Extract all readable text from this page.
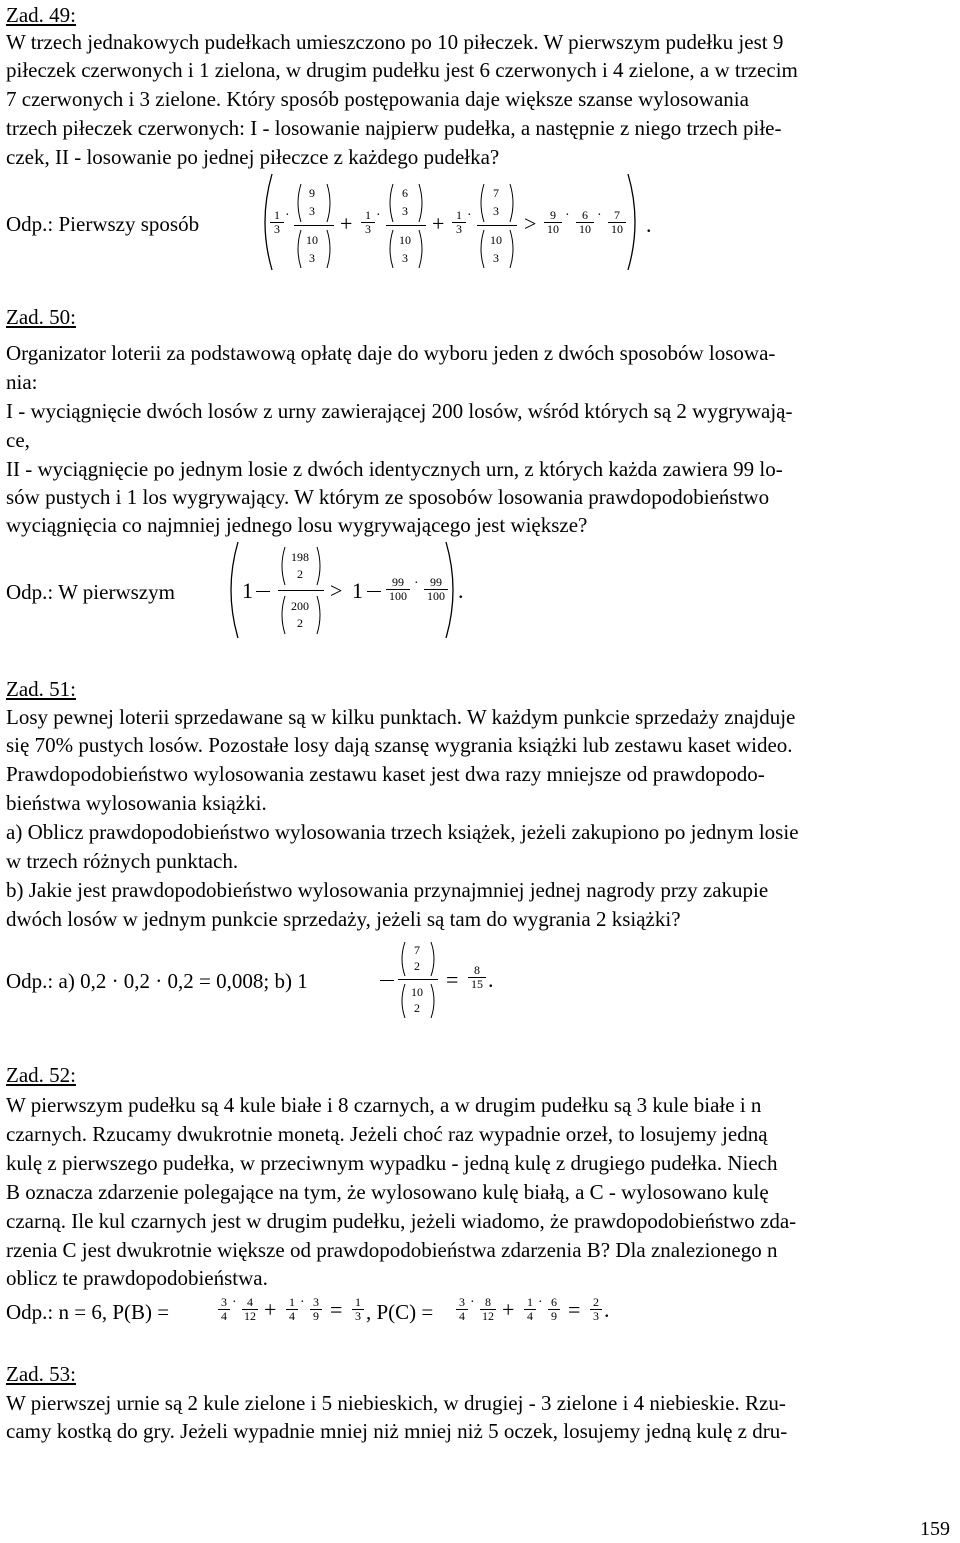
Zad. 49:
W trzech jednakowych pudełkach umieszczono po 10 piłeczek. W pierwszym pudełku jest 9
piłeczek czerwonych i 1 zielona, w drugim pudełku jest 6 czerwonych i 4 zielone, a w trzecim
7 czerwonych i 3 zielone. Który sposób postępowania daje większe szanse wylosowania
trzech piłeczek czerwonych: I - losowanie najpierw pudełka, a następnie z niego trzech piłe-
czek, II - losowanie po jednej piłeczce z każdego pudełka?
Odp.: Pierwszy sposób	$\frac{1}{3}$ ·
9
3
10
3
+ $\frac{1}{3}$ ·
6
3
10
3
+ $\frac{1}{3}$ ·
7
3
10
3
> $\frac{9}{10} \cdot \frac{6}{10} \cdot \frac{7}{10}$ .
Zad. 50:
Organizator loterii za podstawową opłatę daje do wyboru jeden z dwóch sposobów losowa-
nia:
I - wyciągnięcie dwóch losów z urny zawierającej 200 losów, wśród których są 2 wygrywają-
ce,
II - wyciągnięcie po jednym losie z dwóch identycznych urn, z których każda zawiera 99 lo-
sów pustych i 1 los wygrywający. W którym ze sposobów losowania prawdopodobieństwo
wyciągnięcia co najmniej jednego losu wygrywającego jest większe?
Odp.: W pierwszym	1
198
2
200
2
> $1 \frac{99}{100} \cdot \frac{99}{100}$ .
Zad. 51:
Losy pewnej loterii sprzedawane są w kilku punktach. W każdym punkcie sprzedaży znajduje
się 70% pustych losów. Pozostałe losy dają szansę wygrania książki lub zestawu kaset wideo.
Prawdopodobieństwo wylosowania zestawu kaset jest dwa razy mniejsze od prawdopodo-
bieństwa wylosowania książki.
a) Oblicz prawdopodobieństwo wylosowania trzech książek, jeżeli zakupiono po jednym losie
w trzech różnych punktach.
b) Jakie jest prawdopodobieństwo wylosowania przynajmniej jednej nagrody przy zakupie
dwóch losów w jednym punkcie sprzedaży, jeżeli są tam do wygrania 2 książki?
Odp.: a) 0,2 · 0,2 · 0,2 = 0,008; b) 1
7
2
10
2
= $\frac{8}{15}$ .
Zad. 52:
W pierwszym pudełku są 4 kule białe i 8 czarnych, a w drugim pudełku są 3 kule białe i n
czarnych. Rzucamy dwukrotnie monetą. Jeżeli choć raz wypadnie orzeł, to losujemy jedną
kulę z pierwszego pudełka, w przeciwnym wypadku - jedną kulę z drugiego pudełka. Niech
B oznacza zdarzenie polegające na tym, że wylosowano kulę białą, a C - wylosowano kulę
czarną. Ile kul czarnych jest w drugim pudełku, jeżeli wiadomo, że prawdopodobieństwo zda-
rzenia C jest dwukrotnie większe od prawdopodobieństwa zdarzenia B? Dla znalezionego n
oblicz te prawdopodobieństwa.
Odp.: n = 6, P(B) =	$\frac{3}{4} \cdot \frac{4}{12} + \frac{1}{4} \cdot \frac{3}{9} = \frac{1}{3}$ , $P(C) = \frac{3}{4} \cdot \frac{8}{12} + \frac{1}{4} \cdot \frac{6}{9} = \frac{2}{3}$ .
Zad. 53:
W pierwszej urnie są 2 kule zielone i 5 niebieskich, w drugiej - 3 zielone i 4 niebieskie. Rzu-
camy kostką do gry. Jeżeli wypadnie mniej niż mniej niż 5 oczek, losujemy jedną kulę z dru-
159
